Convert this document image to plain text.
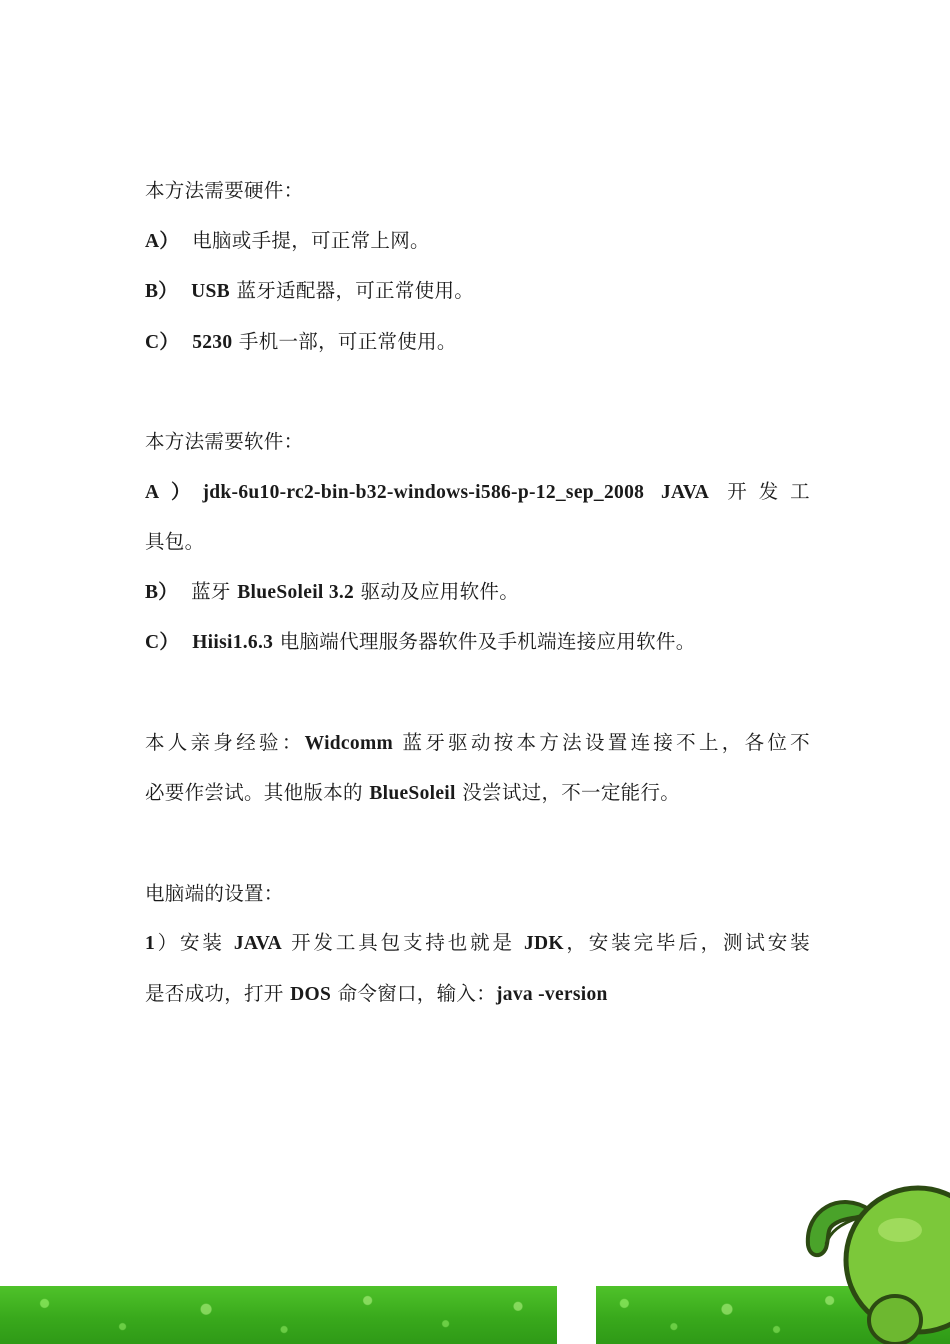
本方法需要硬件：
A） 电脑或手提，可正常上网。
B） USB 蓝牙适配器，可正常使用。
C） 5230 手机一部，可正常使用。
本方法需要软件：
A）jdk-6u10-rc2-bin-b32-windows-i586-p-12_sep_2008 JAVA 开发工
具包。
B） 蓝牙 BlueSoleil 3.2 驱动及应用软件。
C） Hiisi1.6.3 电脑端代理服务器软件及手机端连接应用软件。
本人亲身经验：Widcomm 蓝牙驱动按本方法设置连接不上，各位不
必要作尝试。其他版本的 BlueSoleil 没尝试过，不一定能行。
电脑端的设置：
1）安装 JAVA 开发工具包支持也就是 JDK，安装完毕后，测试安装
是否成功，打开 DOS 命令窗口，输入：java -version
